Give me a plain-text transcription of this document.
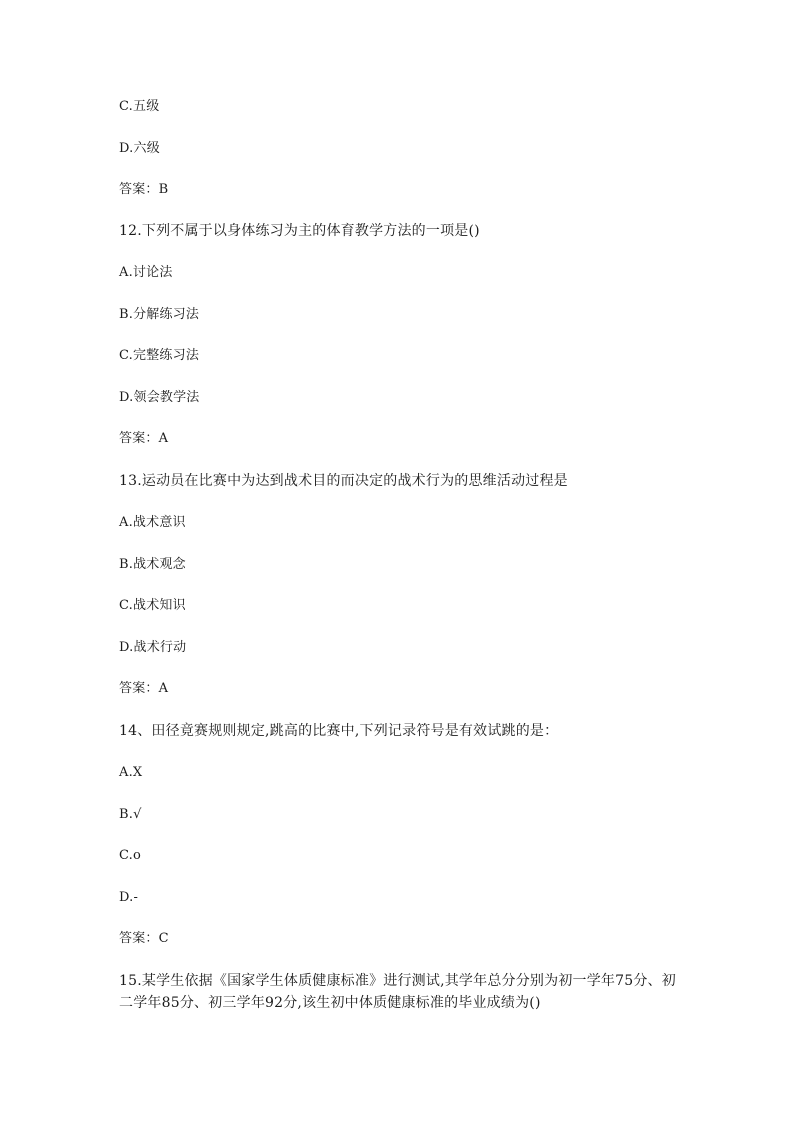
C.五级
D.六级
答案：B
12.下列不属于以身体练习为主的体育教学方法的一项是()
A.讨论法
B.分解练习法
C.完整练习法
D.领会教学法
答案：A
13.运动员在比赛中为达到战术目的而决定的战术行为的思维活动过程是
A.战术意识
B.战术观念
C.战术知识
D.战术行动
答案：A
14、田径竟赛规则规定,跳高的比赛中,下列记录符号是有效试跳的是：
A.X
B.√
C.o
D.-
答案：C
15.某学生依据《国家学生体质健康标准》进行测试,其学年总分分别为初一学年75分、初
二学年85分、初三学年92分,该生初中体质健康标准的毕业成绩为()
